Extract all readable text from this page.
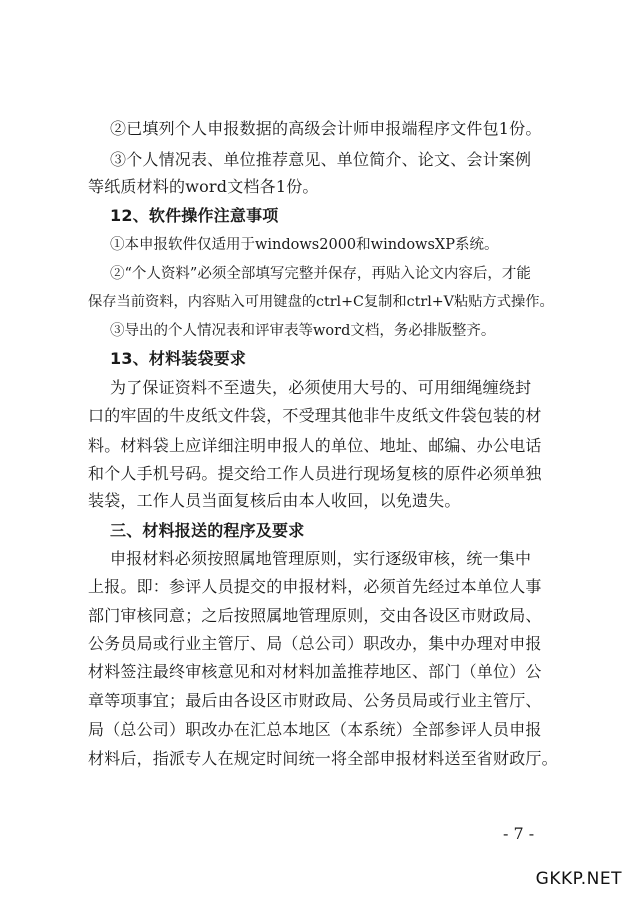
②已填列个人申报数据的高级会计师申报端程序文件包1份。
③个人情况表、单位推荐意见、单位简介、论文、会计案例
等纸质材料的word文档各1份。
12、软件操作注意事项
①本申报软件仅适用于windows2000和windowsXP系统。
②“个人资料”必须全部填写完整并保存，再贴入论文内容后，才能
保存当前资料，内容贴入可用键盘的ctrl+C复制和ctrl+V粘贴方式操作。
③导出的个人情况表和评审表等word文档，务必排版整齐。
13、材料装袋要求
为了保证资料不至遗失，必须使用大号的、可用细绳缠绕封
口的牢固的牛皮纸文件袋，不受理其他非牛皮纸文件袋包装的材
料。材料袋上应详细注明申报人的单位、地址、邮编、办公电话
和个人手机号码。提交给工作人员进行现场复核的原件必须单独
装袋，工作人员当面复核后由本人收回，以免遗失。
三、材料报送的程序及要求
申报材料必须按照属地管理原则，实行逐级审核，统一集中
上报。即：参评人员提交的申报材料，必须首先经过本单位人事
部门审核同意；之后按照属地管理原则，交由各设区市财政局、
公务员局或行业主管厅、局（总公司）职改办，集中办理对申报
材料签注最终审核意见和对材料加盖推荐地区、部门（单位）公
章等项事宜；最后由各设区市财政局、公务员局或行业主管厅、
局（总公司）职改办在汇总本地区（本系统）全部参评人员申报
材料后，指派专人在规定时间统一将全部申报材料送至省财政厅。
- 7 -
GKKP.NET
